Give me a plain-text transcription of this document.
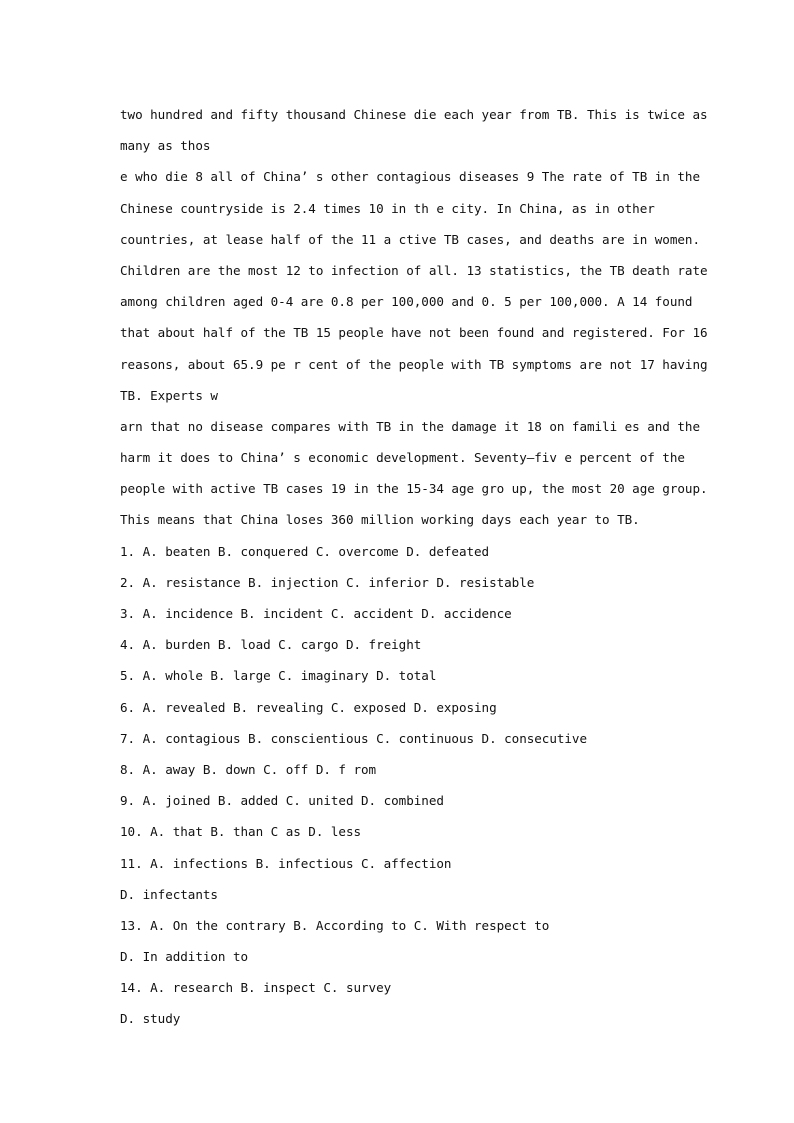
two hundred and fifty thousand Chinese die each year from TB. This is twice as
many as thos
e who die 8 all of China’ s other contagious diseases 9 The rate of TB in the
Chinese countryside is 2.4 times 10 in th e city. In China, as in other
countries, at lease half of the 11 a ctive TB cases, and deaths are in women.
Children are the most 12 to infection of all. 13 statistics, the TB death rate
among children aged 0-4 are 0.8 per 100,000 and 0. 5 per 100,000. A 14 found
that about half of the TB 15 people have not been found and registered. For 16
reasons, about 65.9 pe r cent of the people with TB symptoms are not 17 having
TB. Experts w
arn that no disease compares with TB in the damage it 18 on famili es and the
harm it does to China’ s economic development. Seventy—fiv e percent of the
people with active TB cases 19 in the 15-34 age gro up, the most 20 age group.
This means that China loses 360 million working days each year to TB.
1. A. beaten B. conquered C. overcome D. defeated
2. A. resistance B. injection C. inferior D. resistable
3. A. incidence B. incident C. accident D. accidence
4. A. burden B. load C. cargo D. freight
5. A. whole B. large C. imaginary D. total
6. A. revealed B. revealing C. exposed D. exposing
7. A. contagious B. conscientious C. continuous D. consecutive
8. A. away B. down C. off D. f rom
9. A. joined B. added C. united D. combined
10. A. that B. than C as D. less
11. A. infections B. infectious C. affection
D. infectants
13. A. On the contrary B. According to C. With respect to
D. In addition to
14. A. research B. inspect C. survey
D. study
